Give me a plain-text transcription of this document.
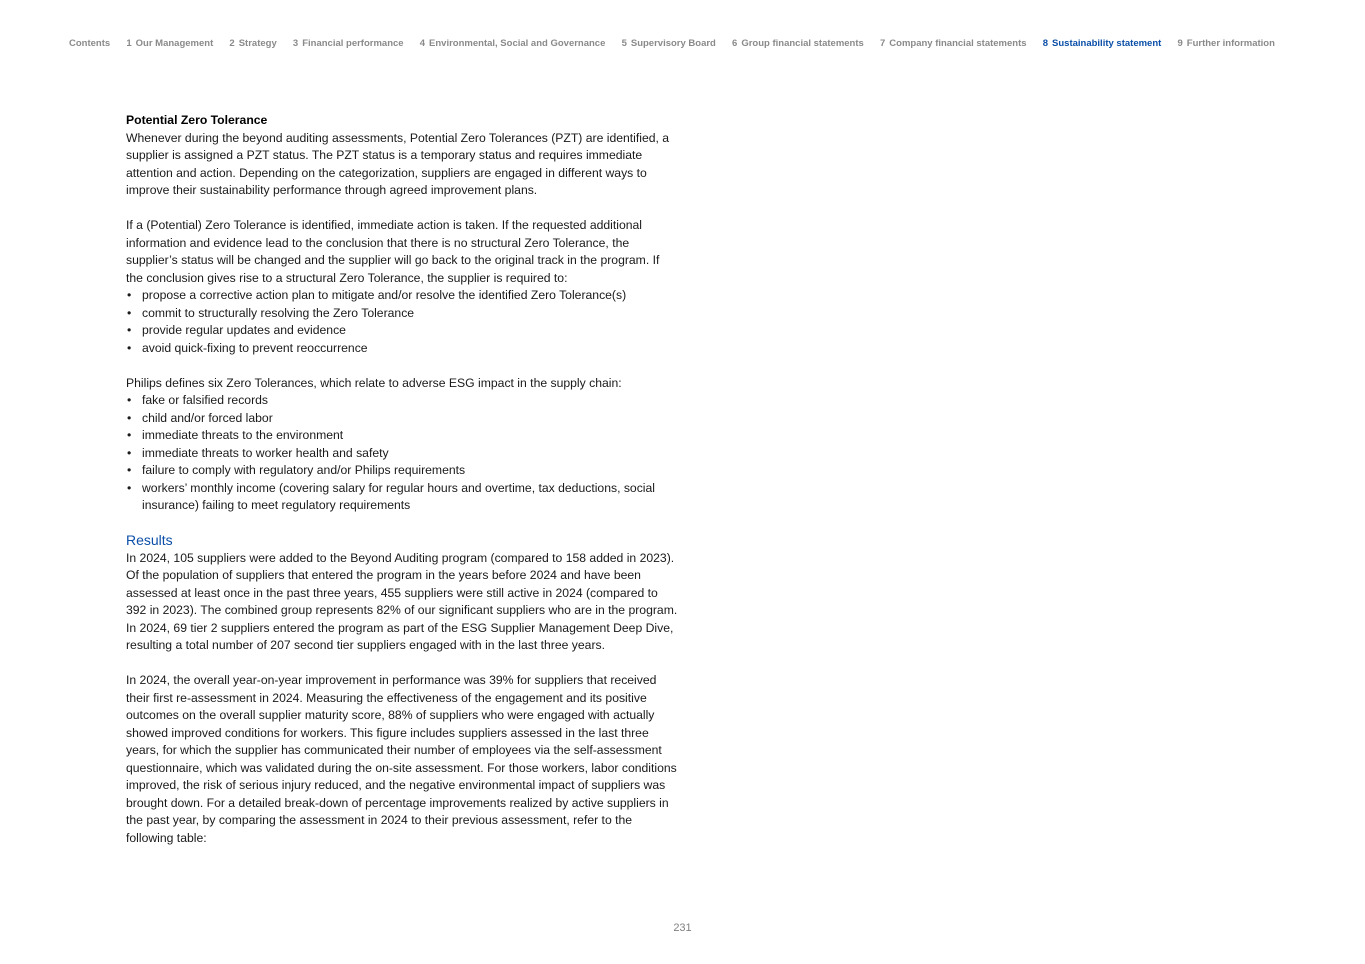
Contents 1 Our Management 2 Strategy 3 Financial performance 4 Environmental, Social and Governance 5 Supervisory Board 6 Group financial statements 7 Company financial statements 8 Sustainability statement 9 Further information

Potential Zero Tolerance

Whenever during the beyond auditing assessments, Potential Zero Tolerances (PZT) are identified, a supplier is assigned a PZT status. The PZT status is a temporary status and requires immediate attention and action. Depending on the categorization, suppliers are engaged in different ways to improve their sustainability performance through agreed improvement plans.

If a (Potential) Zero Tolerance is identified, immediate action is taken. If the requested additional information and evidence lead to the conclusion that there is no structural Zero Tolerance, the supplier’s status will be changed and the supplier will go back to the original track in the program. If the conclusion gives rise to a structural Zero Tolerance, the supplier is required to:

• propose a corrective action plan to mitigate and/or resolve the identified Zero Tolerance(s)
• commit to structurally resolving the Zero Tolerance
• provide regular updates and evidence
• avoid quick-fixing to prevent reoccurrence

Philips defines six Zero Tolerances, which relate to adverse ESG impact in the supply chain:

• fake or falsified records
• child and/or forced labor
• immediate threats to the environment
• immediate threats to worker health and safety
• failure to comply with regulatory and/or Philips requirements
• workers’ monthly income (covering salary for regular hours and overtime, tax deductions, social insurance) failing to meet regulatory requirements

Results

In 2024, 105 suppliers were added to the Beyond Auditing program (compared to 158 added in 2023). Of the population of suppliers that entered the program in the years before 2024 and have been assessed at least once in the past three years, 455 suppliers were still active in 2024 (compared to 392 in 2023). The combined group represents 82% of our significant suppliers who are in the program. In 2024, 69 tier 2 suppliers entered the program as part of the ESG Supplier Management Deep Dive, resulting a total number of 207 second tier suppliers engaged with in the last three years.

In 2024, the overall year-on-year improvement in performance was 39% for suppliers that received their first re-assessment in 2024. Measuring the effectiveness of the engagement and its positive outcomes on the overall supplier maturity score, 88% of suppliers who were engaged with actually showed improved conditions for workers. This figure includes suppliers assessed in the last three years, for which the supplier has communicated their number of employees via the self-assessment questionnaire, which was validated during the on-site assessment. For those workers, labor conditions improved, the risk of serious injury reduced, and the negative environmental impact of suppliers was brought down. For a detailed break-down of percentage improvements realized by active suppliers in the past year, by comparing the assessment in 2024 to their previous assessment, refer to the following table:

231
